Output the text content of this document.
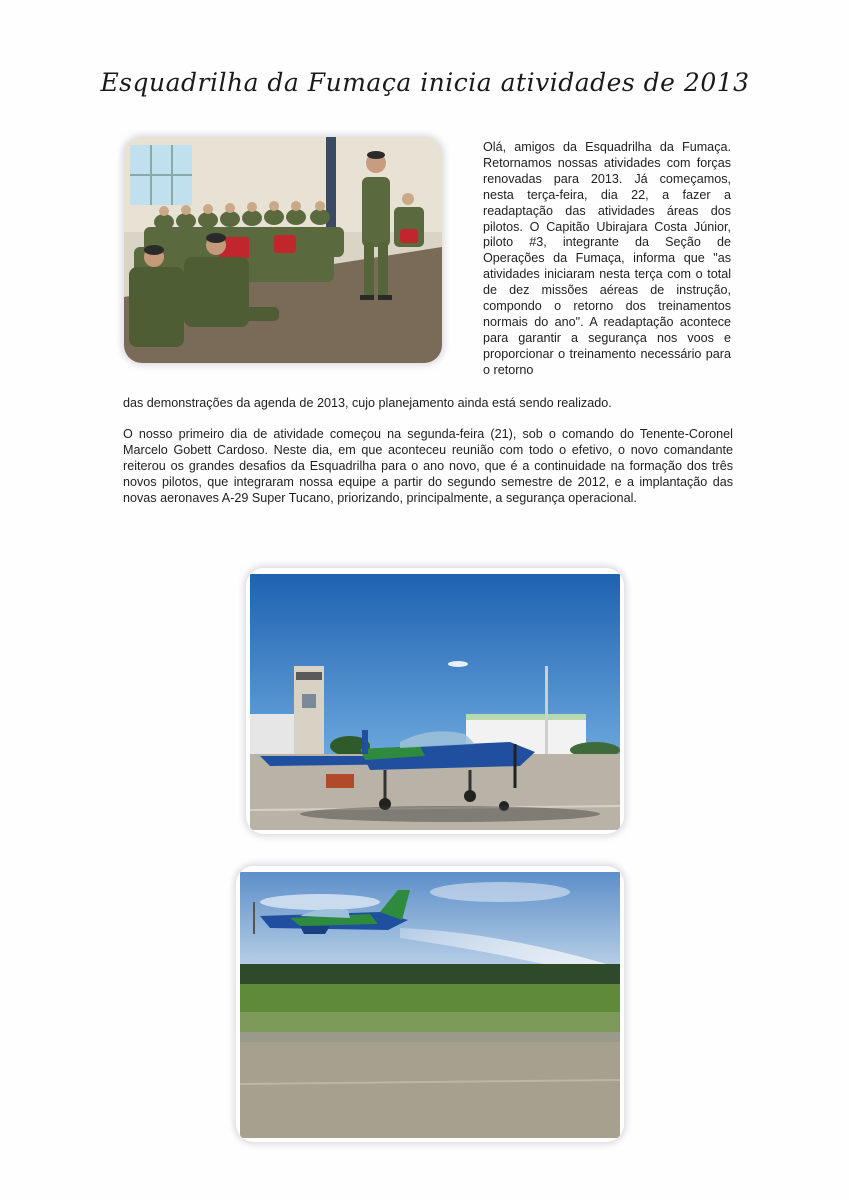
Esquadrilha da Fumaça inicia atividades de 2013
Olá, amigos da Esquadrilha da Fumaça. Retornamos nossas atividades com forças renovadas para 2013. Já começamos, nesta terça-feira, dia 22, a fazer a readaptação das atividades áreas dos pilotos. O Capitão Ubirajara Costa Júnior, piloto #3, integrante da Seção de Operações da Fumaça, informa que "as atividades iniciaram nesta terça com o total de dez missões aéreas de instrução, compondo o retorno dos treinamentos normais do ano". A readaptação acontece para garantir a segurança nos voos e proporcionar o treinamento necessário para o retorno
das demonstrações da agenda de 2013, cujo planejamento ainda está sendo realizado.
O nosso primeiro dia de atividade começou na segunda-feira (21), sob o comando do Tenente-Coronel Marcelo Gobett Cardoso. Neste dia, em que aconteceu reunião com todo o efetivo, o novo comandante reiterou os grandes desafios da Esquadrilha para o ano novo, que é a continuidade na formação dos três novos pilotos, que integraram nossa equipe a partir do segundo semestre de 2012, e a implantação das novas aeronaves A-29 Super Tucano, priorizando, principalmente, a segurança operacional.
